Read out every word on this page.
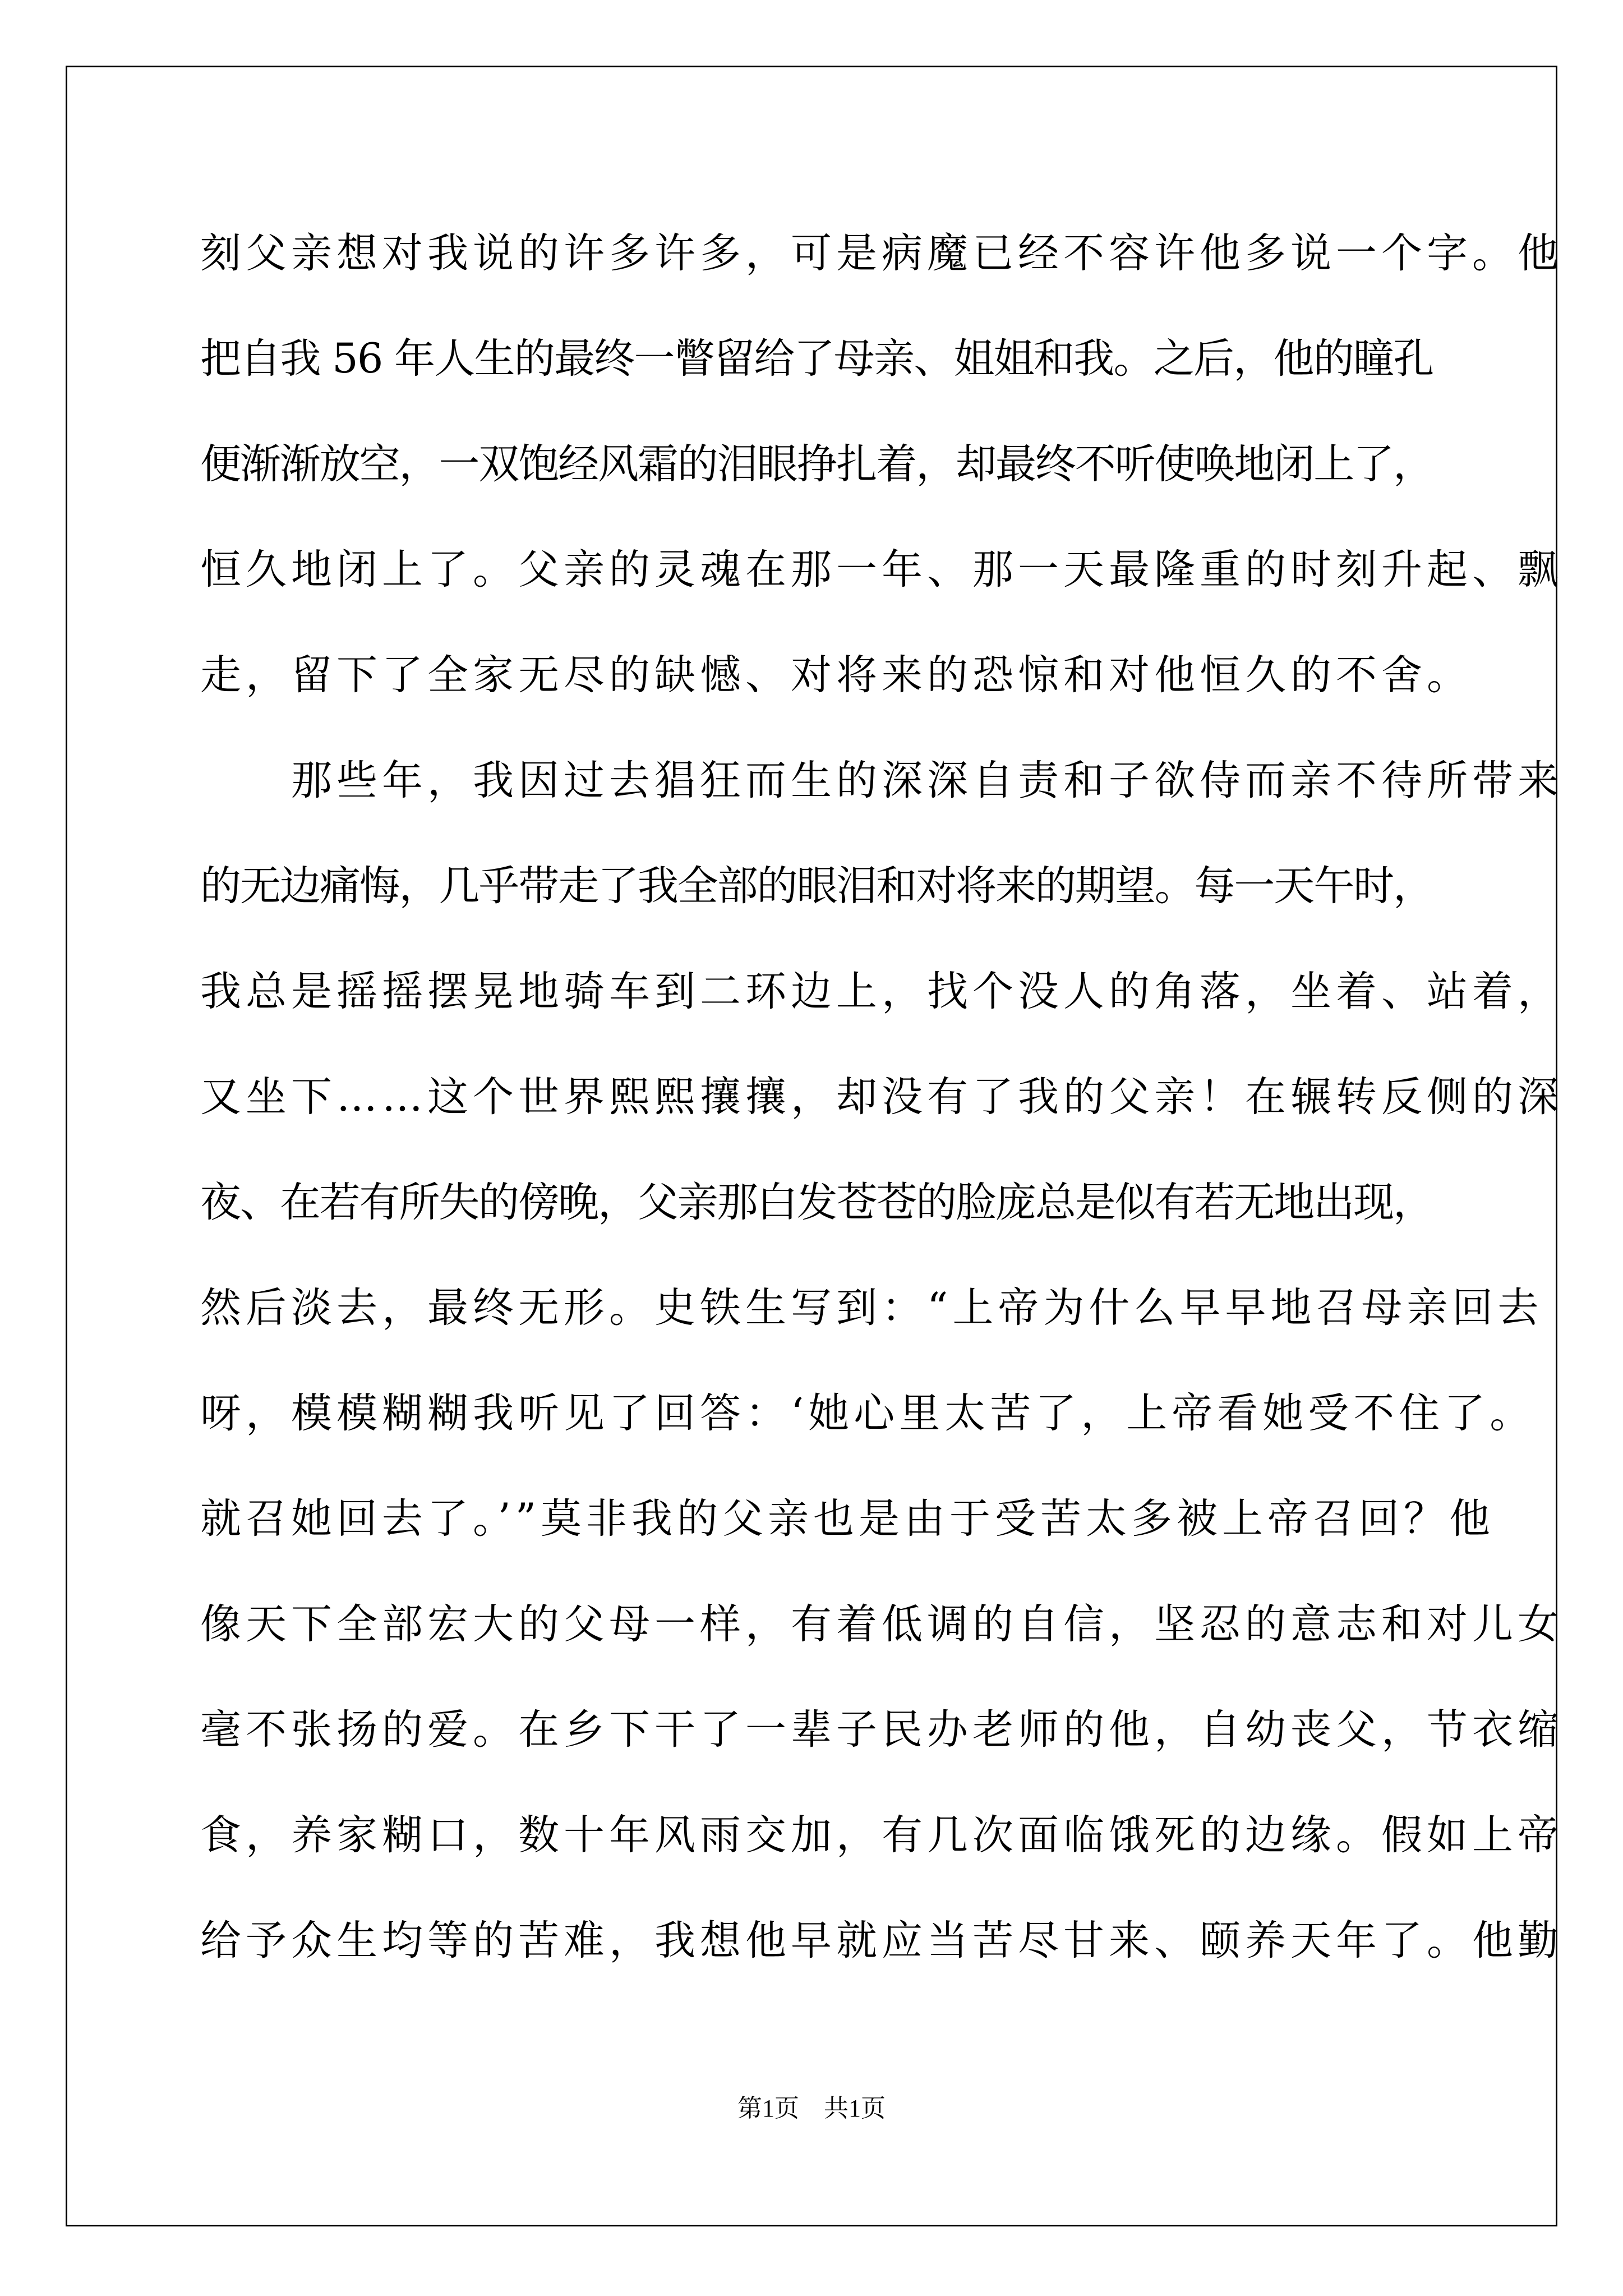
刻父亲想对我说的许多许多，可是病魔已经不容许他多说一个字。他
把自我 56 年人生的最终一瞥留给了母亲、姐姐和我。之后，他的瞳孔
便渐渐放空，一双饱经风霜的泪眼挣扎着，却最终不听使唤地闭上了，
恒久地闭上了。父亲的灵魂在那一年、那一天最隆重的时刻升起、飘
走，留下了全家无尽的缺憾、对将来的恐惊和对他恒久的不舍。
　　那些年，我因过去猖狂而生的深深自责和子欲侍而亲不待所带来
的无边痛悔，几乎带走了我全部的眼泪和对将来的期望。每一天午时，
我总是摇摇摆晃地骑车到二环边上，找个没人的角落，坐着、站着，
又坐下……这个世界熙熙攘攘，却没有了我的父亲！在辗转反侧的深
夜、在若有所失的傍晚，父亲那白发苍苍的脸庞总是似有若无地出现，
然后淡去，最终无形。史铁生写到：“上帝为什么早早地召母亲回去
呀，模模糊糊我听见了回答：‘她心里太苦了，上帝看她受不住了。
就召她回去了。’”莫非我的父亲也是由于受苦太多被上帝召回？他
像天下全部宏大的父母一样，有着低调的自信，坚忍的意志和对儿女
毫不张扬的爱。在乡下干了一辈子民办老师的他，自幼丧父，节衣缩
食，养家糊口，数十年风雨交加，有几次面临饿死的边缘。假如上帝
给予众生均等的苦难，我想他早就应当苦尽甘来、颐养天年了。他勤
第1页　共1页
